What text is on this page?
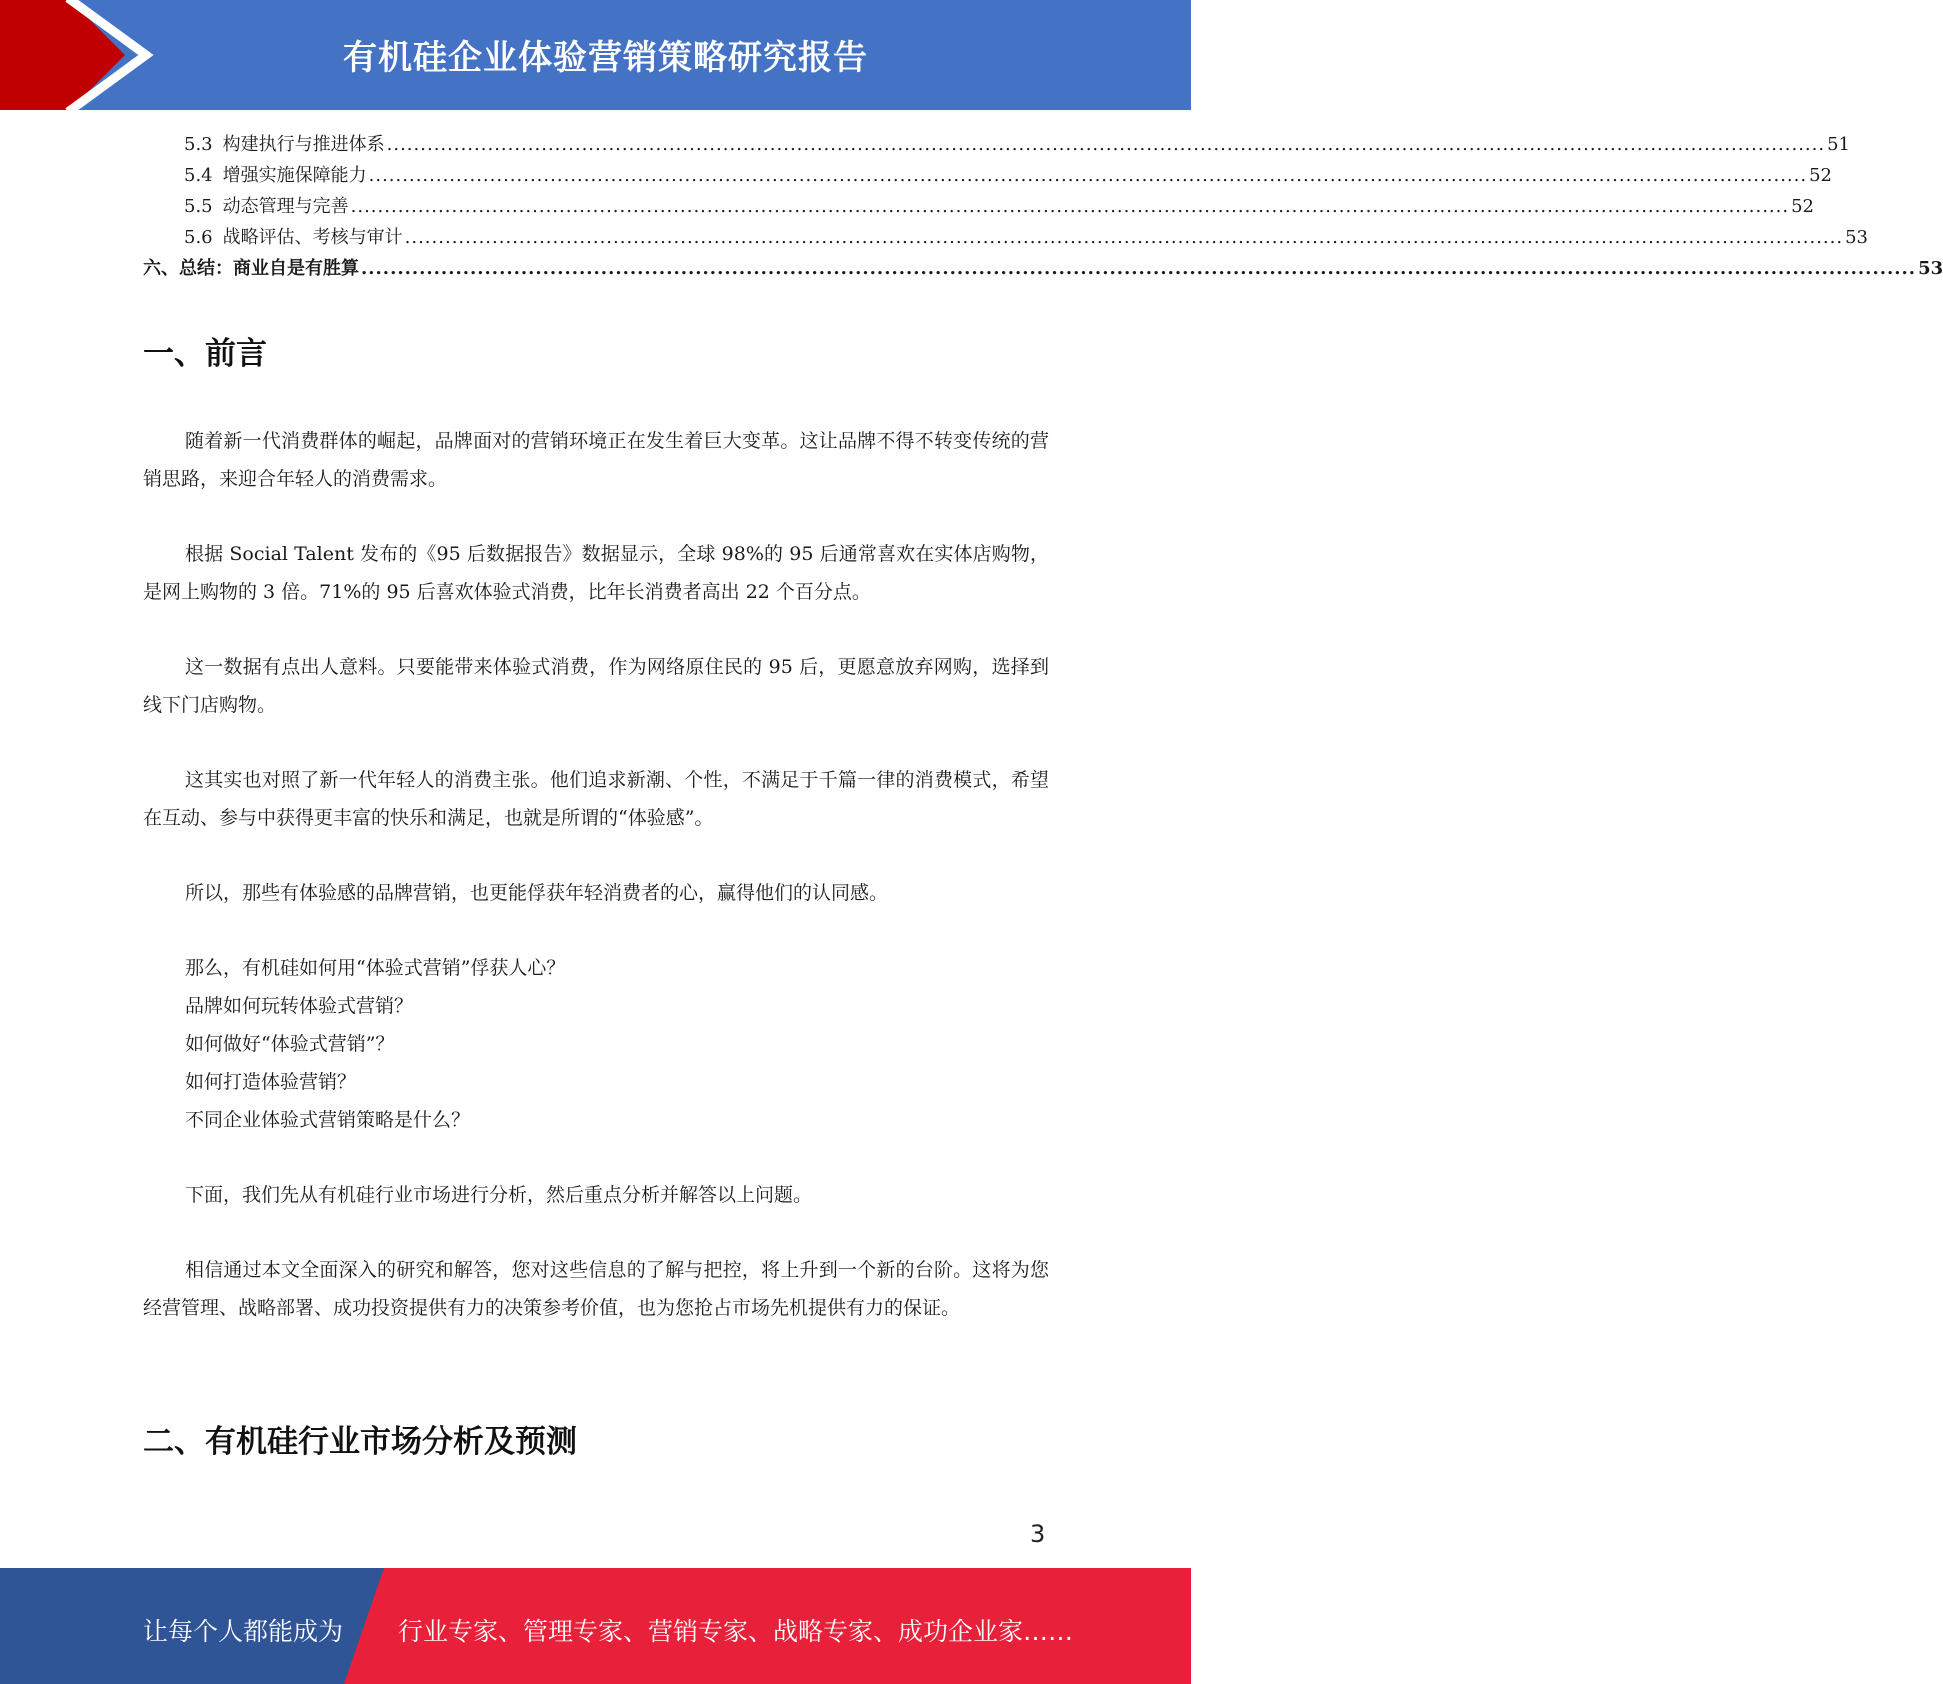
有机硅企业体验营销策略研究报告
5.3 构建执行与推进体系 ...................................................................................................................................................................................................................... 51
5.4 增强实施保障能力 ...................................................................................................................................................................................................................... 52
5.5 动态管理与完善 ...................................................................................................................................................................................................................... 52
5.6 战略评估、考核与审计 ...................................................................................................................................................................................................................... 53
六、总结：商业自是有胜算 ...................................................................................................................................................................................................................... 53
一、前言

随着新一代消费群体的崛起，品牌面对的营销环境正在发生着巨大变革。这让品牌不得不转变传统的营销思路，来迎合年轻人的消费需求。

根据 Social Talent 发布的《95 后数据报告》数据显示，全球 98%的 95 后通常喜欢在实体店购物，是网上购物的 3 倍。71%的 95 后喜欢体验式消费，比年长消费者高出 22 个百分点。

这一数据有点出人意料。只要能带来体验式消费，作为网络原住民的 95 后，更愿意放弃网购，选择到线下门店购物。

这其实也对照了新一代年轻人的消费主张。他们追求新潮、个性，不满足于千篇一律的消费模式，希望在互动、参与中获得更丰富的快乐和满足，也就是所谓的“体验感”。

所以，那些有体验感的品牌营销，也更能俘获年轻消费者的心，赢得他们的认同感。

那么，有机硅如何用“体验式营销”俘获人心？
品牌如何玩转体验式营销？
如何做好“体验式营销”？
如何打造体验营销？
不同企业体验式营销策略是什么？

下面，我们先从有机硅行业市场进行分析，然后重点分析并解答以上问题。

相信通过本文全面深入的研究和解答，您对这些信息的了解与把控，将上升到一个新的台阶。这将为您经营管理、战略部署、成功投资提供有力的决策参考价值，也为您抢占市场先机提供有力的保证。

二、有机硅行业市场分析及预测
3
让每个人都能成为 行业专家、管理专家、营销专家、战略专家、成功企业家……
